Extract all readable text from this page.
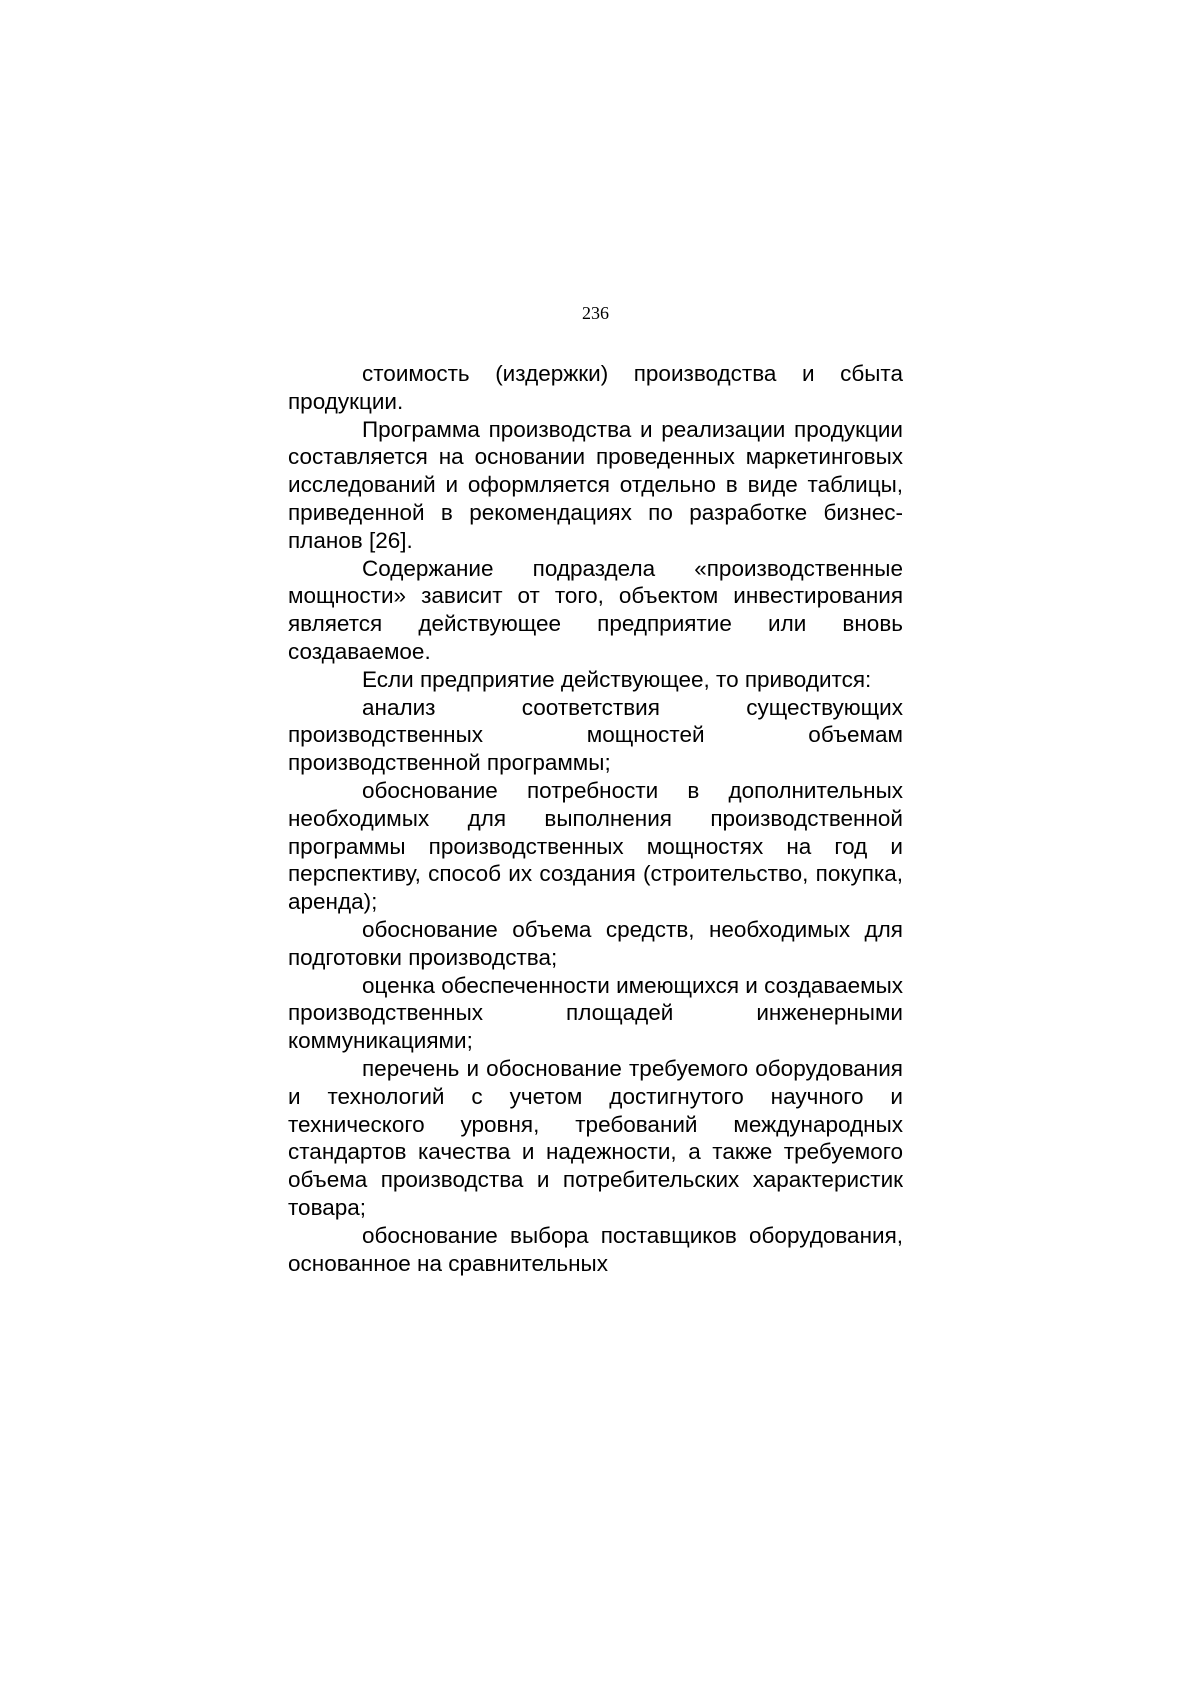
236

стоимость (издержки) производства и сбыта продукции.

Программа производства и реализации продукции составляется на основании проведенных маркетинговых исследований и оформляется отдельно в виде таблицы, приведенной в рекомендациях по разработке бизнес-планов [26].

Содержание подраздела «производственные мощности» зависит от того, объектом инвестирования является действующее предприятие или вновь создаваемое.

Если предприятие действующее, то приводится:

анализ соответствия существующих производственных мощностей объемам производственной программы;

обоснование потребности в дополнительных необходимых для выполнения производственной программы производственных мощностях на год и перспективу, способ их создания (строительство, покупка, аренда);

обоснование объема средств, необходимых для подготовки производства;

оценка обеспеченности имеющихся и создаваемых производственных площадей инженерными коммуникациями;

перечень и обоснование требуемого оборудования и технологий с учетом достигнутого научного и технического уровня, требований международных стандартов качества и надежности, а также требуемого объема производства и потребительских характеристик товара;

обоснование выбора поставщиков оборудования, основанное на сравнительных
